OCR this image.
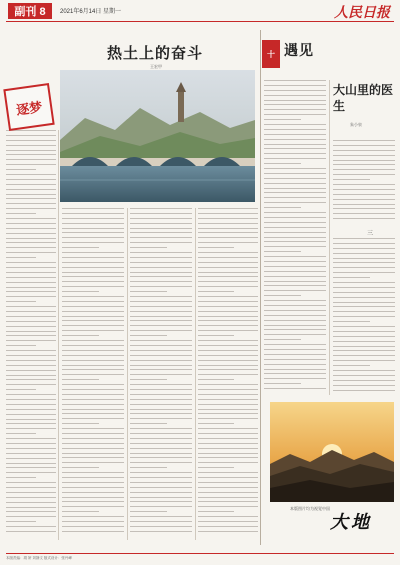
副刊 8	2021年6月14日 星期一	人民日报
逐梦
热土上的奋斗
王宏甲
十 遇见
大山里的医生
朱小泉
三
本版图片均为视觉中国
大地
本版责编：胡 妍 刘静文 版式设计：张丹峰
